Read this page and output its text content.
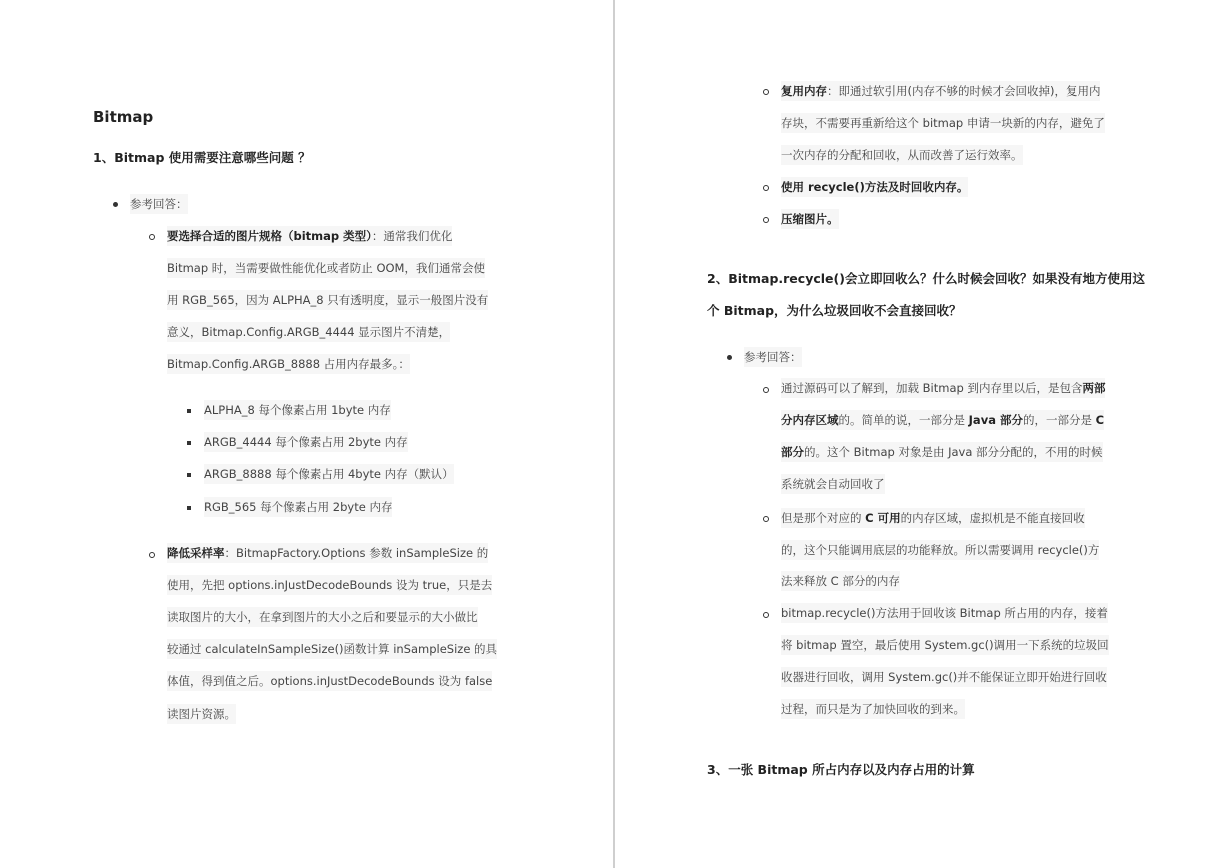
Bitmap
1、Bitmap 使用需要注意哪些问题 ？
参考回答：
要选择合适的图片规格（bitmap 类型）：通常我们优化
Bitmap 时，当需要做性能优化或者防止 OOM，我们通常会使
用 RGB_565，因为 ALPHA_8 只有透明度，显示一般图片没有
意义，Bitmap.Config.ARGB_4444 显示图片不清楚，
Bitmap.Config.ARGB_8888 占用内存最多。：
ALPHA_8 每个像素占用 1byte 内存
ARGB_4444 每个像素占用 2byte 内存
ARGB_8888 每个像素占用 4byte 内存（默认）
RGB_565 每个像素占用 2byte 内存
降低采样率：BitmapFactory.Options 参数 inSampleSize 的
使用，先把 options.inJustDecodeBounds 设为 true，只是去
读取图片的大小，在拿到图片的大小之后和要显示的大小做比
较通过 calculateInSampleSize()函数计算 inSampleSize 的具
体值，得到值之后。options.inJustDecodeBounds 设为 false
读图片资源。
复用内存：即通过软引用(内存不够的时候才会回收掉)，复用内
存块，不需要再重新给这个 bitmap 申请一块新的内存，避免了
一次内存的分配和回收，从而改善了运行效率。
使用 recycle()方法及时回收内存。
压缩图片。
2、Bitmap.recycle()会立即回收么？什么时候会回收？如果没有地方使用这
个 Bitmap，为什么垃圾回收不会直接回收？
参考回答：
通过源码可以了解到，加载 Bitmap 到内存里以后，是包含两部
分内存区域的。简单的说，一部分是 Java 部分的，一部分是 C
部分的。这个 Bitmap 对象是由 Java 部分分配的，不用的时候
系统就会自动回收了
但是那个对应的 C 可用的内存区域，虚拟机是不能直接回收
的，这个只能调用底层的功能释放。所以需要调用 recycle()方
法来释放 C 部分的内存
bitmap.recycle()方法用于回收该 Bitmap 所占用的内存，接着
将 bitmap 置空，最后使用 System.gc()调用一下系统的垃圾回
收器进行回收，调用 System.gc()并不能保证立即开始进行回收
过程，而只是为了加快回收的到来。
3、一张 Bitmap 所占内存以及内存占用的计算
